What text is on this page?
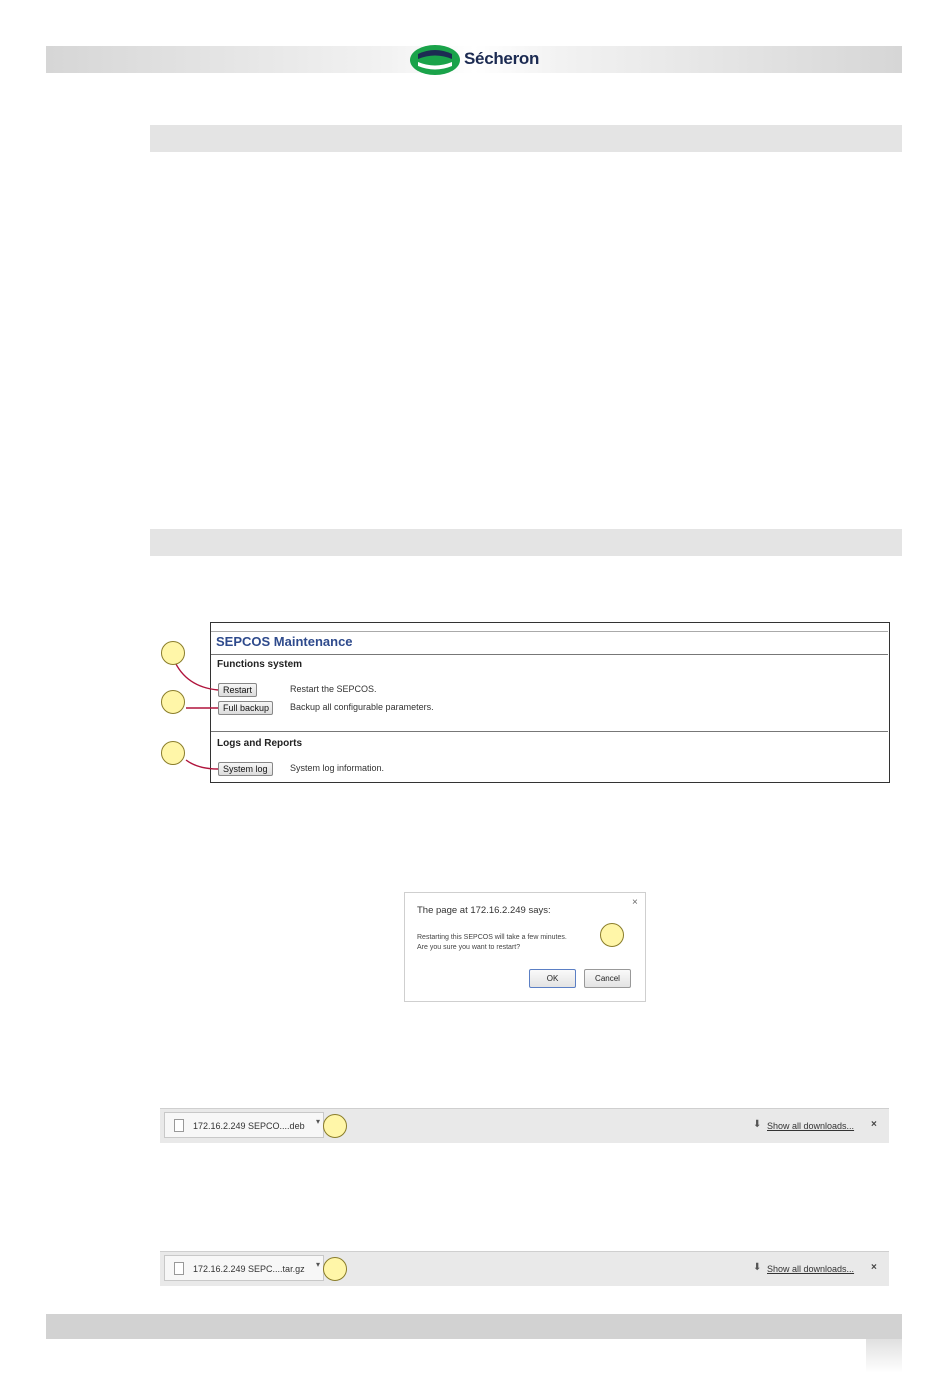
Sécheron
SEPCOS Maintenance
Functions system
Restart	Restart the SEPCOS.
Full backup	Backup all configurable parameters.
Logs and Reports
System log	System log information.
×
The page at 172.16.2.249 says:
Restarting this SEPCOS will take a few minutes.
Are you sure you want to restart?
OK	Cancel
172.16.2.249 SEPCO....deb ▾	⬇ Show all downloads... ×
172.16.2.249 SEPC....tar.gz ▾	⬇ Show all downloads... ×
